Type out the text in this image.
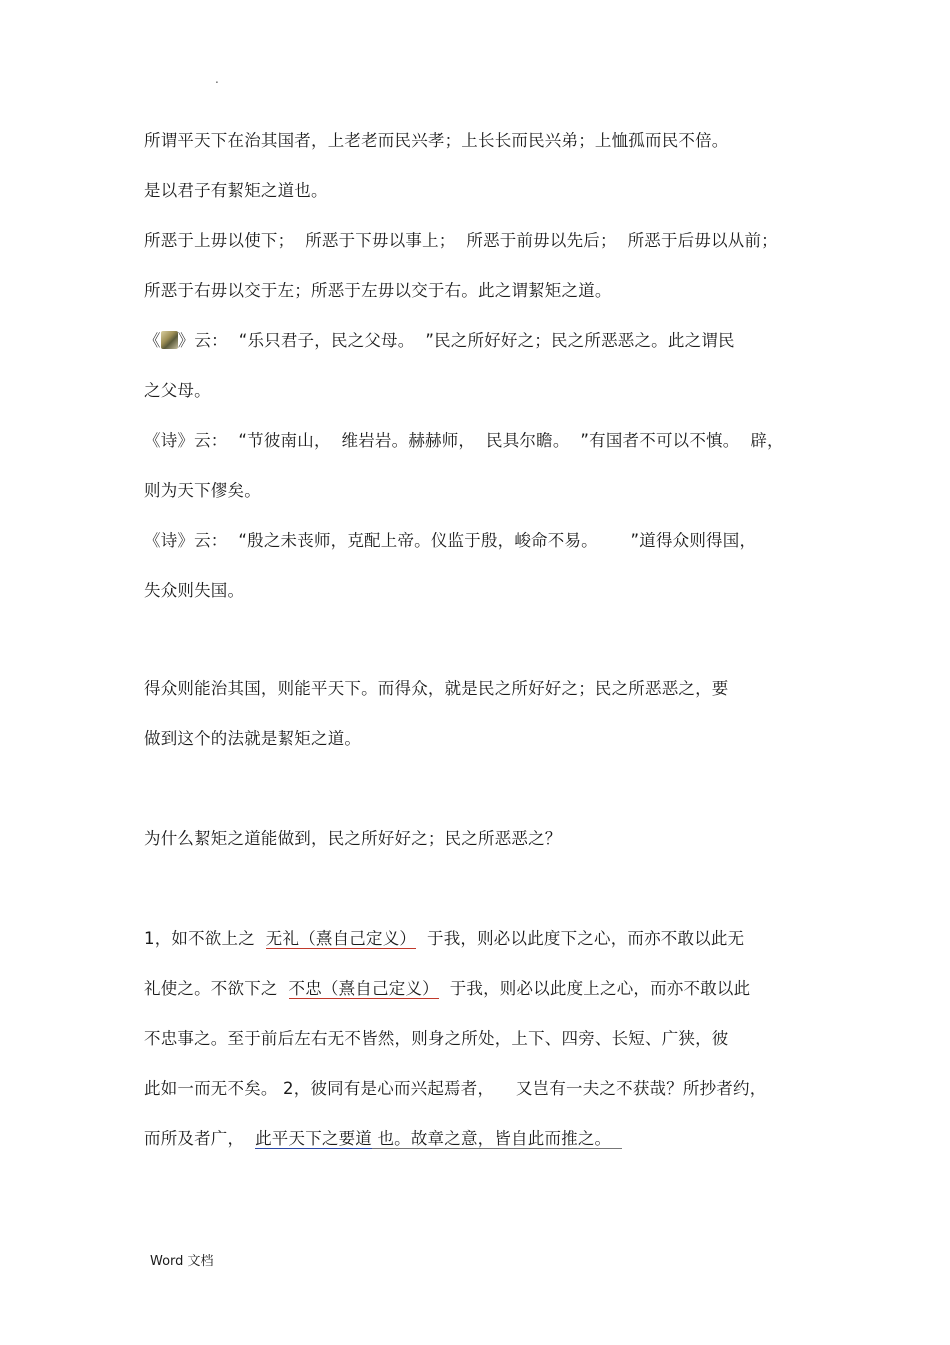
.
所谓平天下在治其国者，上老老而民兴孝；上长长而民兴弟；上恤孤而民不倍。
是以君子有絜矩之道也。
所恶于上毋以使下；  所恶于下毋以事上；  所恶于前毋以先后；  所恶于后毋以从前；
所恶于右毋以交于左；所恶于左毋以交于右。此之谓絜矩之道。
《 》云：  “乐只君子，民之父母。  ”民之所好好之；民之所恶恶之。此之谓民
之父母。
《诗》云：  “节彼南山，  维岩岩。赫赫师，  民具尔瞻。  ”有国者不可以不慎。  辟，
则为天下僇矣。
《诗》云：  “殷之未丧师，克配上帝。仪监于殷，峻命不易。      ”道得众则得国，
失众则失国。
得众则能治其国，则能平天下。而得众，就是民之所好好之；民之所恶恶之，要
做到这个的法就是絜矩之道。
为什么絜矩之道能做到，民之所好好之；民之所恶恶之？
1，如不欲上之  无礼（熹自己定义）  于我，则必以此度下之心，而亦不敢以此无
礼使之。不欲下之  不忠（熹自己定义）  于我，则必以此度上之心，而亦不敢以此
不忠事之。至于前后左右无不皆然，则身之所处，上下、四旁、长短、广狭，彼
此如一而无不矣。 2，彼同有是心而兴起焉者，    又岂有一夫之不获哉？所抄者约，
而所及者广，  此平天下之要道 也。故章之意，皆自此而推之。
Word 文档
